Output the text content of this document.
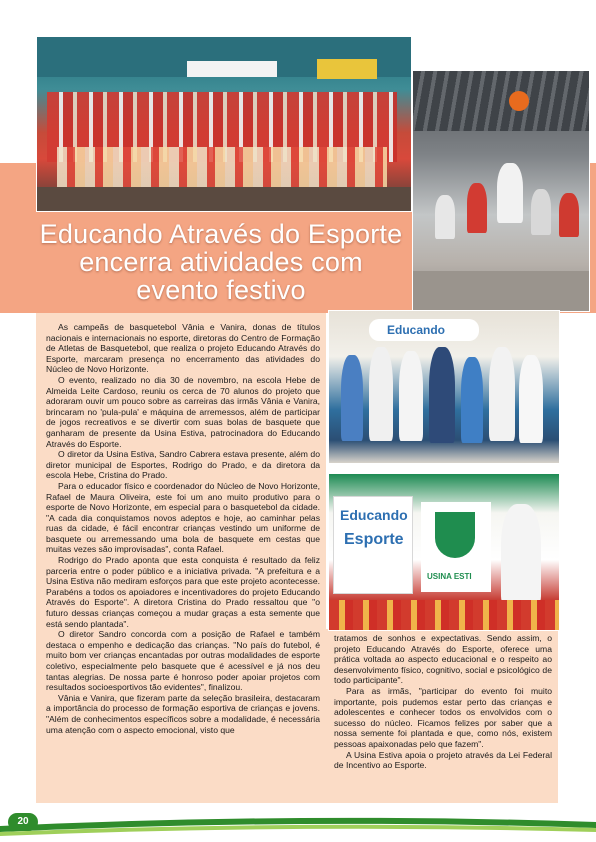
Educando Através do Esporte encerra atividades com evento festivo
Educando
Educando
Esporte
USINA ESTI

As campeãs de basquetebol Vânia e Vanira, donas de títulos nacionais e internacionais no esporte, diretoras do Centro de Formação de Atletas de Basquetebol, que realiza o projeto Educando Através do Esporte, marcaram presença no encerramento das atividades do Núcleo de Novo Horizonte.

O evento, realizado no dia 30 de novembro, na escola Hebe de Almeida Leite Cardoso, reuniu os cerca de 70 alunos do projeto que adoraram ouvir um pouco sobre as carreiras das irmãs Vânia e Vanira, brincaram no 'pula-pula' e máquina de arremessos, além de participar de jogos recreativos e se divertir com suas bolas de basquete que ganharam de presente da Usina Estiva, patrocinadora do Educando Através do Esporte.

O diretor da Usina Estiva, Sandro Cabrera estava presente, além do diretor municipal de Esportes, Rodrigo do Prado, e da diretora da escola Hebe, Cristina do Prado.

Para o educador físico e coordenador do Núcleo de Novo Horizonte, Rafael de Maura Oliveira, este foi um ano muito produtivo para o esporte de Novo Horizonte, em especial para o basquetebol da cidade. "A cada dia conquistamos novos adeptos e hoje, ao caminhar pelas ruas da cidade, é fácil encontrar crianças vestindo um uniforme de basquete ou arremessando uma bola de basquete em cestas que muitas vezes são improvisadas", conta Rafael.

Rodrigo do Prado aponta que esta conquista é resultado da feliz parceria entre o poder público e a iniciativa privada. "A prefeitura e a Usina Estiva não mediram esforços para que este projeto acontecesse. Parabéns a todos os apoiadores e incentivadores do projeto Educando Através do Esporte". A diretora Cristina do Prado ressaltou que "o futuro dessas crianças começou a mudar graças a esta semente que está sendo plantada".

O diretor Sandro concorda com a posição de Rafael e também destaca o empenho e dedicação das crianças. "No país do futebol, é muito bom ver crianças encantadas por outras modalidades de esporte coletivo, especialmente pelo basquete que é acessível e já nos deu tantas alegrias. De nossa parte é honroso poder apoiar projetos com resultados socioesportivos tão evidentes", finalizou.

Vânia e Vanira, que fizeram parte da seleção brasileira, destacaram a importância do processo de formação esportiva de crianças e jovens. "Além de conhecimentos específicos sobre a modalidade, é necessária uma atenção com o aspecto emocional, visto que

tratamos de sonhos e expectativas. Sendo assim, o projeto Educando Através do Esporte, oferece uma prática voltada ao aspecto educacional e o respeito ao desenvolvimento físico, cognitivo, social e psicológico de todo participante".

Para as irmãs, "participar do evento foi muito importante, pois pudemos estar perto das crianças e adolescentes e conhecer todos os envolvidos com o sucesso do núcleo. Ficamos felizes por saber que a nossa semente foi plantada e que, como nós, existem pessoas apaixonadas pelo que fazem".

A Usina Estiva apoia o projeto através da Lei Federal de Incentivo ao Esporte.

20
